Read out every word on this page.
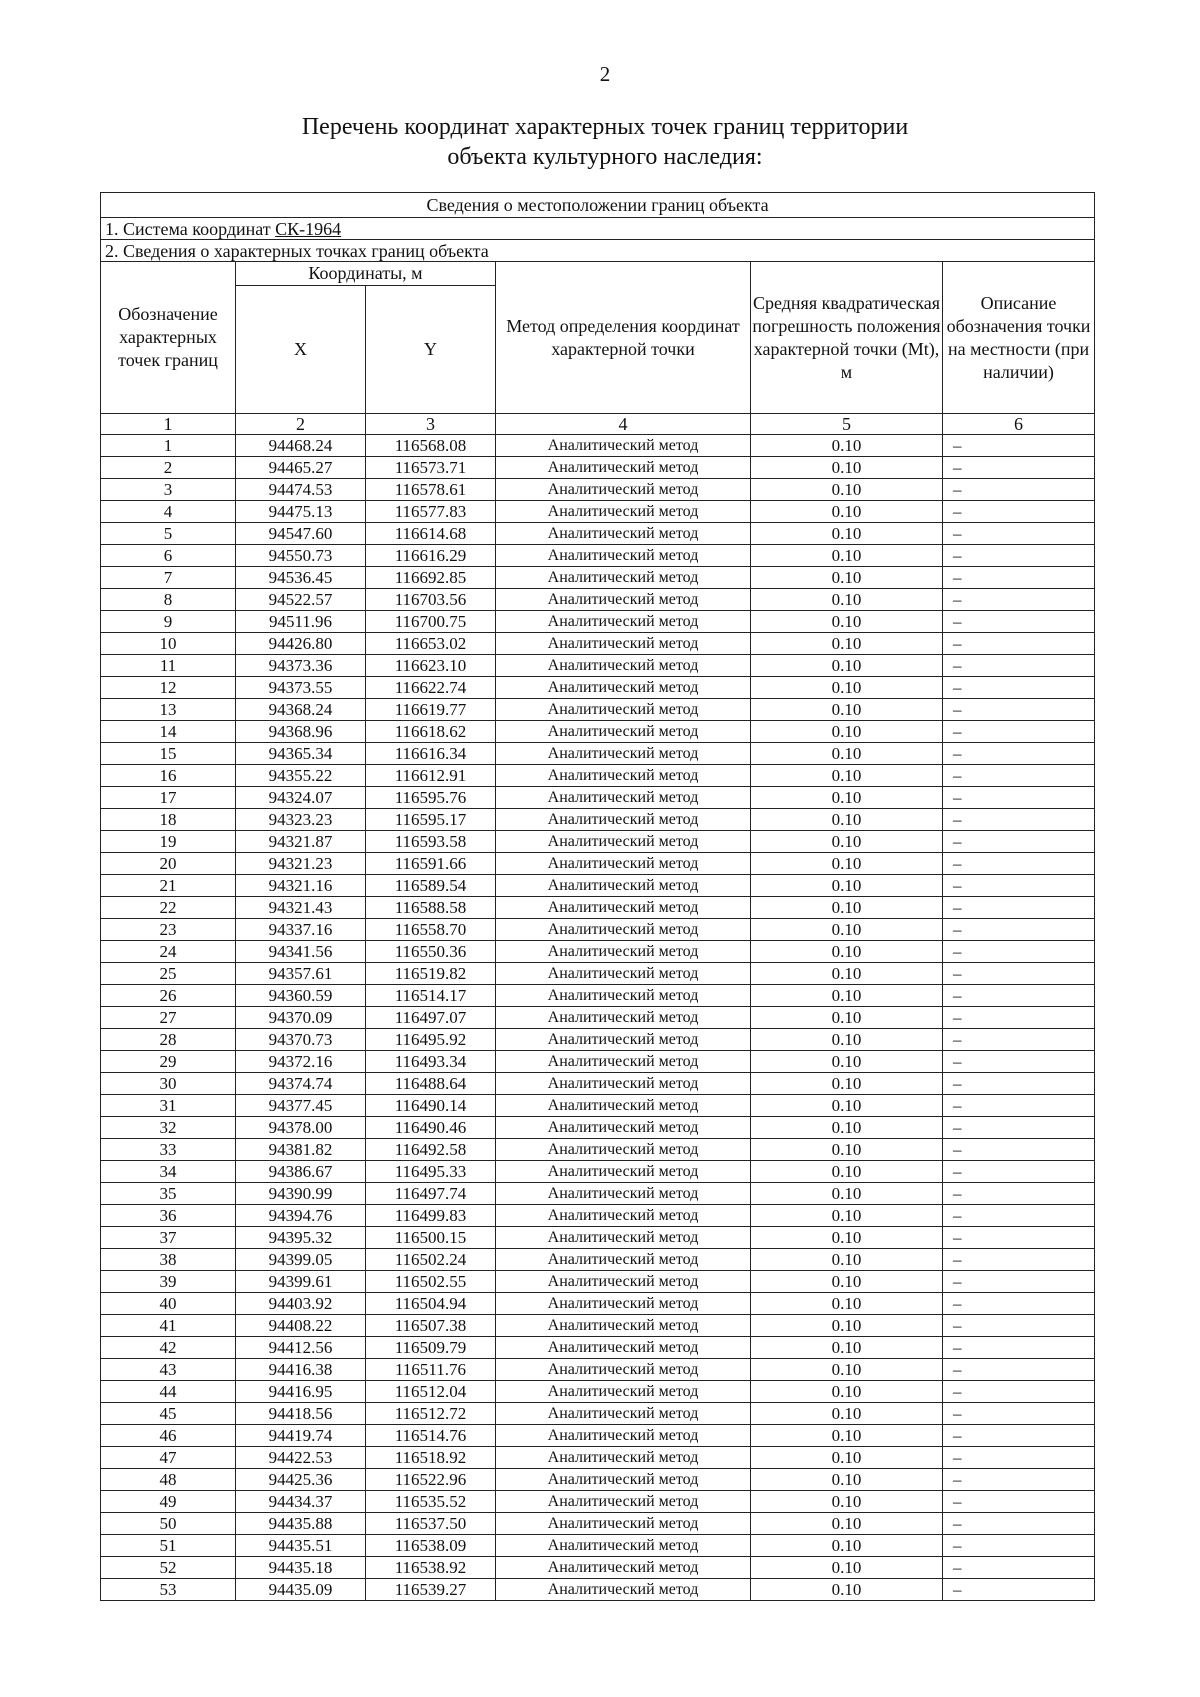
2
Перечень координат характерных точек границ территории
объекта культурного наследия:
Сведения о местоположении границ объекта					
1. Система координат СК-1964					
2. Сведения о характерных точках границ объекта					
Обозначение характерных точек границ	Координаты, м		Метод определения координат характерной точки	Средняя квадратическая погрешность положения характерной точки (Mt), м	Описание обозначения точки на местности (при наличии)
	X	Y			
1	2	3	4	5	6
1	94468.24	116568.08	Аналитический метод	0.10	–
2	94465.27	116573.71	Аналитический метод	0.10	–
3	94474.53	116578.61	Аналитический метод	0.10	–
4	94475.13	116577.83	Аналитический метод	0.10	–
5	94547.60	116614.68	Аналитический метод	0.10	–
6	94550.73	116616.29	Аналитический метод	0.10	–
7	94536.45	116692.85	Аналитический метод	0.10	–
8	94522.57	116703.56	Аналитический метод	0.10	–
9	94511.96	116700.75	Аналитический метод	0.10	–
10	94426.80	116653.02	Аналитический метод	0.10	–
11	94373.36	116623.10	Аналитический метод	0.10	–
12	94373.55	116622.74	Аналитический метод	0.10	–
13	94368.24	116619.77	Аналитический метод	0.10	–
14	94368.96	116618.62	Аналитический метод	0.10	–
15	94365.34	116616.34	Аналитический метод	0.10	–
16	94355.22	116612.91	Аналитический метод	0.10	–
17	94324.07	116595.76	Аналитический метод	0.10	–
18	94323.23	116595.17	Аналитический метод	0.10	–
19	94321.87	116593.58	Аналитический метод	0.10	–
20	94321.23	116591.66	Аналитический метод	0.10	–
21	94321.16	116589.54	Аналитический метод	0.10	–
22	94321.43	116588.58	Аналитический метод	0.10	–
23	94337.16	116558.70	Аналитический метод	0.10	–
24	94341.56	116550.36	Аналитический метод	0.10	–
25	94357.61	116519.82	Аналитический метод	0.10	–
26	94360.59	116514.17	Аналитический метод	0.10	–
27	94370.09	116497.07	Аналитический метод	0.10	–
28	94370.73	116495.92	Аналитический метод	0.10	–
29	94372.16	116493.34	Аналитический метод	0.10	–
30	94374.74	116488.64	Аналитический метод	0.10	–
31	94377.45	116490.14	Аналитический метод	0.10	–
32	94378.00	116490.46	Аналитический метод	0.10	–
33	94381.82	116492.58	Аналитический метод	0.10	–
34	94386.67	116495.33	Аналитический метод	0.10	–
35	94390.99	116497.74	Аналитический метод	0.10	–
36	94394.76	116499.83	Аналитический метод	0.10	–
37	94395.32	116500.15	Аналитический метод	0.10	–
38	94399.05	116502.24	Аналитический метод	0.10	–
39	94399.61	116502.55	Аналитический метод	0.10	–
40	94403.92	116504.94	Аналитический метод	0.10	–
41	94408.22	116507.38	Аналитический метод	0.10	–
42	94412.56	116509.79	Аналитический метод	0.10	–
43	94416.38	116511.76	Аналитический метод	0.10	–
44	94416.95	116512.04	Аналитический метод	0.10	–
45	94418.56	116512.72	Аналитический метод	0.10	–
46	94419.74	116514.76	Аналитический метод	0.10	–
47	94422.53	116518.92	Аналитический метод	0.10	–
48	94425.36	116522.96	Аналитический метод	0.10	–
49	94434.37	116535.52	Аналитический метод	0.10	–
50	94435.88	116537.50	Аналитический метод	0.10	–
51	94435.51	116538.09	Аналитический метод	0.10	–
52	94435.18	116538.92	Аналитический метод	0.10	–
53	94435.09	116539.27	Аналитический метод	0.10	–
